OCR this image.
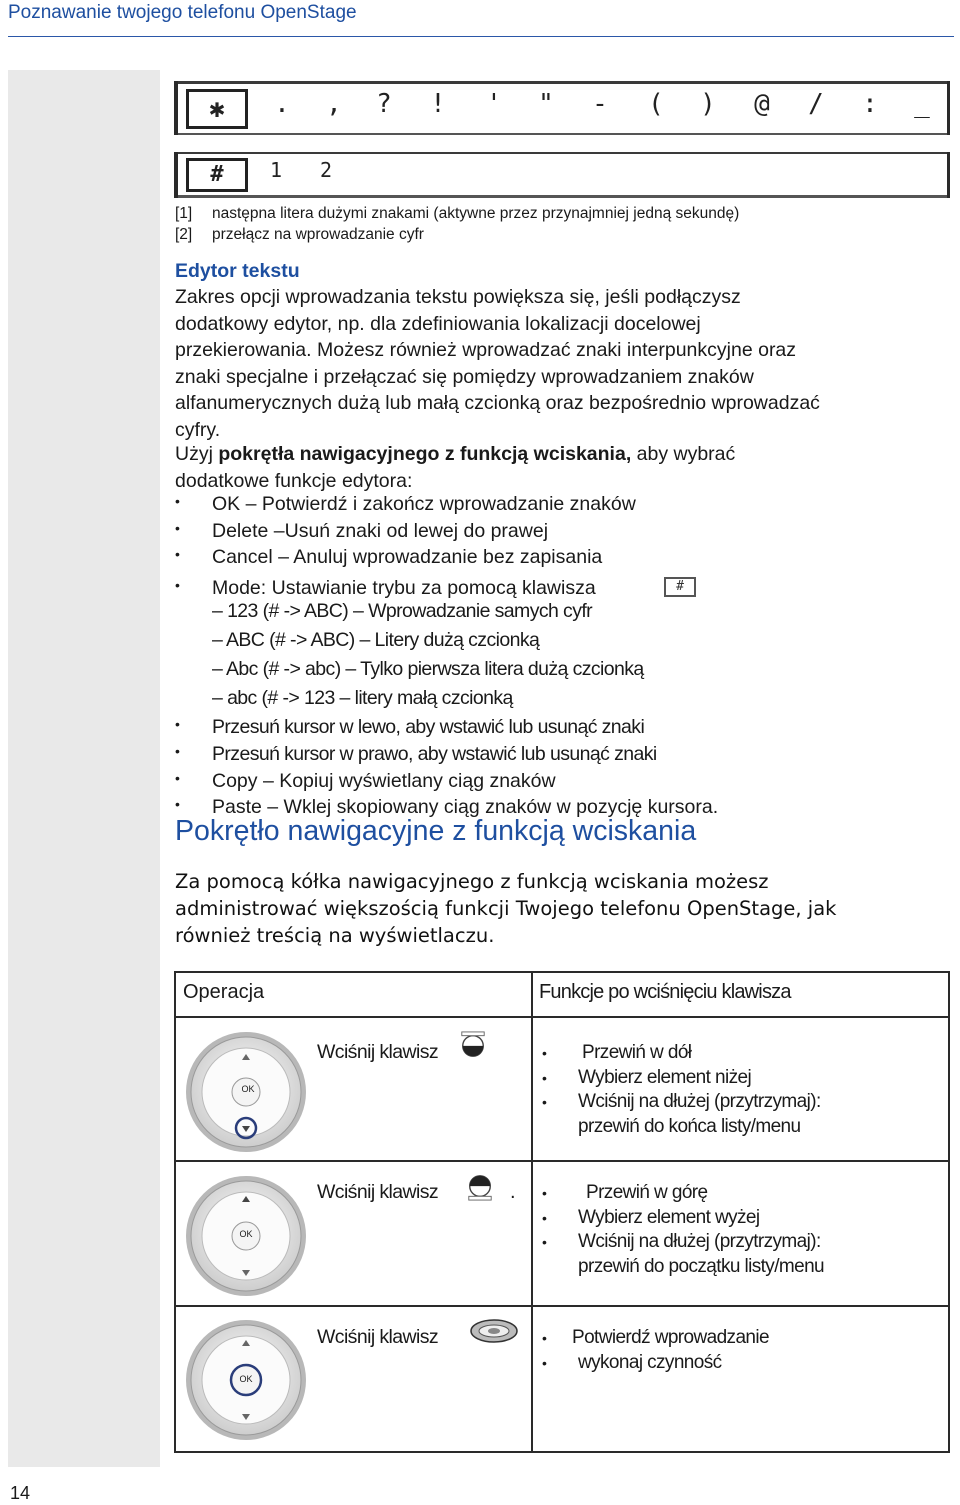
Poznawanie twojego telefonu OpenStage
14
✱	.	,	?	!	'	"	-	(	)	@	/	:	_
#	1	2
[1] następna litera dużymi znakami (aktywne przez przynajmniej jedną sekundę)
[2] przełącz na wprowadzanie cyfr
Edytor tekstu
Zakres opcji wprowadzania tekstu powiększa się, jeśli podłączysz
dodatkowy edytor, np. dla zdefiniowania lokalizacji docelowej
przekierowania. Możesz również wprowadzać znaki interpunkcyjne oraz
znaki specjalne i przełączać się pomiędzy wprowadzaniem znaków
alfanumerycznych dużą lub małą czcionką oraz bezpośrednio wprowadzać
cyfry.
Użyj pokrętła nawigacyjnego z funkcją wciskania, aby wybrać
dodatkowe funkcje edytora:
• OK – Potwierdź i zakończ wprowadzanie znaków
• Delete –Usuń znaki od lewej do prawej
• Cancel – Anuluj wprowadzanie bez zapisania
• Mode: Ustawianie trybu za pomocą klawisza	#
– 123 (# -> ABC) – Wprowadzanie samych cyfr
– ABC (# -> ABC) – Litery dużą czcionką
– Abc (# -> abc) – Tylko pierwsza litera dużą czcionką
– abc (# -> 123 – litery małą czcionką
• Przesuń kursor w lewo, aby wstawić lub usunąć znaki
• Przesuń kursor w prawo, aby wstawić lub usunąć znaki
• Copy – Kopiuj wyświetlany ciąg znaków
• Paste – Wklej skopiowany ciąg znaków w pozycję kursora.
Pokrętło nawigacyjne z funkcją wciskania
Za pomocą kółka nawigacyjnego z funkcją wciskania możesz
administrować większością funkcji Twojego telefonu OpenStage, jak
również treścią na wyświetlaczu.
Operacja	Funkcje po wciśnięciu klawisza
OK
Wciśnij klawisz	• Przewiń w dół
• Wybierz element niżej
• Wciśnij na dłużej (przytrzymaj):
przewiń do końca listy/menu
OK
Wciśnij klawisz	. • Przewiń w górę
• Wybierz element wyżej
• Wciśnij na dłużej (przytrzymaj):
przewiń do początku listy/menu
OK
Wciśnij klawisz	• Potwierdź wprowadzanie
• wykonaj czynność
